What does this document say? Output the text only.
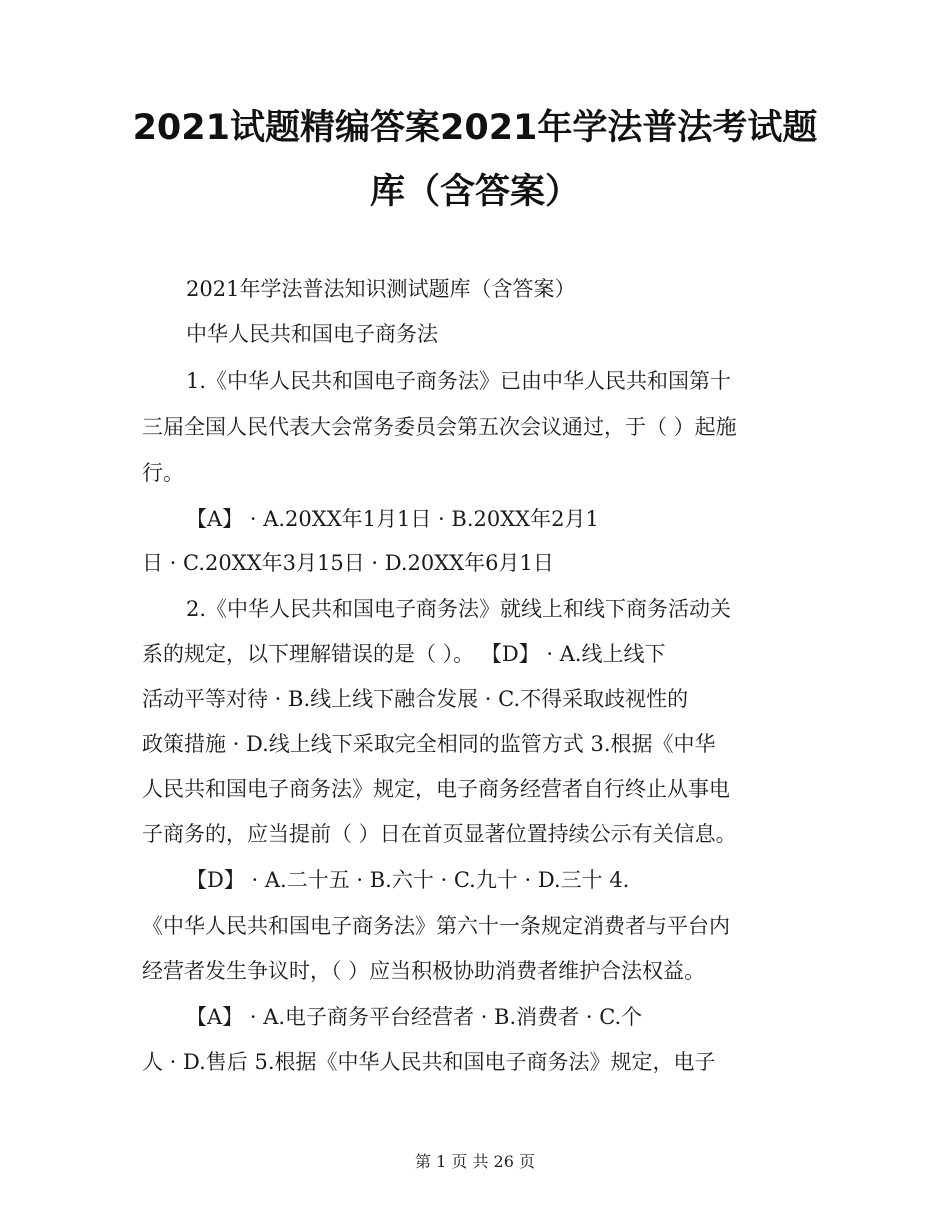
2021试题精编答案2021年学法普法考试题
库（含答案）
2021年学法普法知识测试题库（含答案）
中华人民共和国电子商务法
1.《中华人民共和国电子商务法》已由中华人民共和国第十
三届全国人民代表大会常务委员会第五次会议通过，于（ ）起施
行。
【A】 · A.20XX年1月1日 · B.20XX年2月1
日 · C.20XX年3月15日 · D.20XX年6月1日
2.《中华人民共和国电子商务法》就线上和线下商务活动关
系的规定，以下理解错误的是（ ）。 【D】 · A.线上线下
活动平等对待 · B.线上线下融合发展 · C.不得采取歧视性的
政策措施 · D.线上线下采取完全相同的监管方式 3.根据《中华
人民共和国电子商务法》规定，电子商务经营者自行终止从事电
子商务的，应当提前（ ）日在首页显著位置持续公示有关信息。
【D】 · A.二十五 · B.六十 · C.九十 · D.三十 4.
《中华人民共和国电子商务法》第六十一条规定消费者与平台内
经营者发生争议时，（ ）应当积极协助消费者维护合法权益。
【A】 · A.电子商务平台经营者 · B.消费者 · C.个
人 · D.售后 5.根据《中华人民共和国电子商务法》规定，电子
第 1 页 共 26 页
